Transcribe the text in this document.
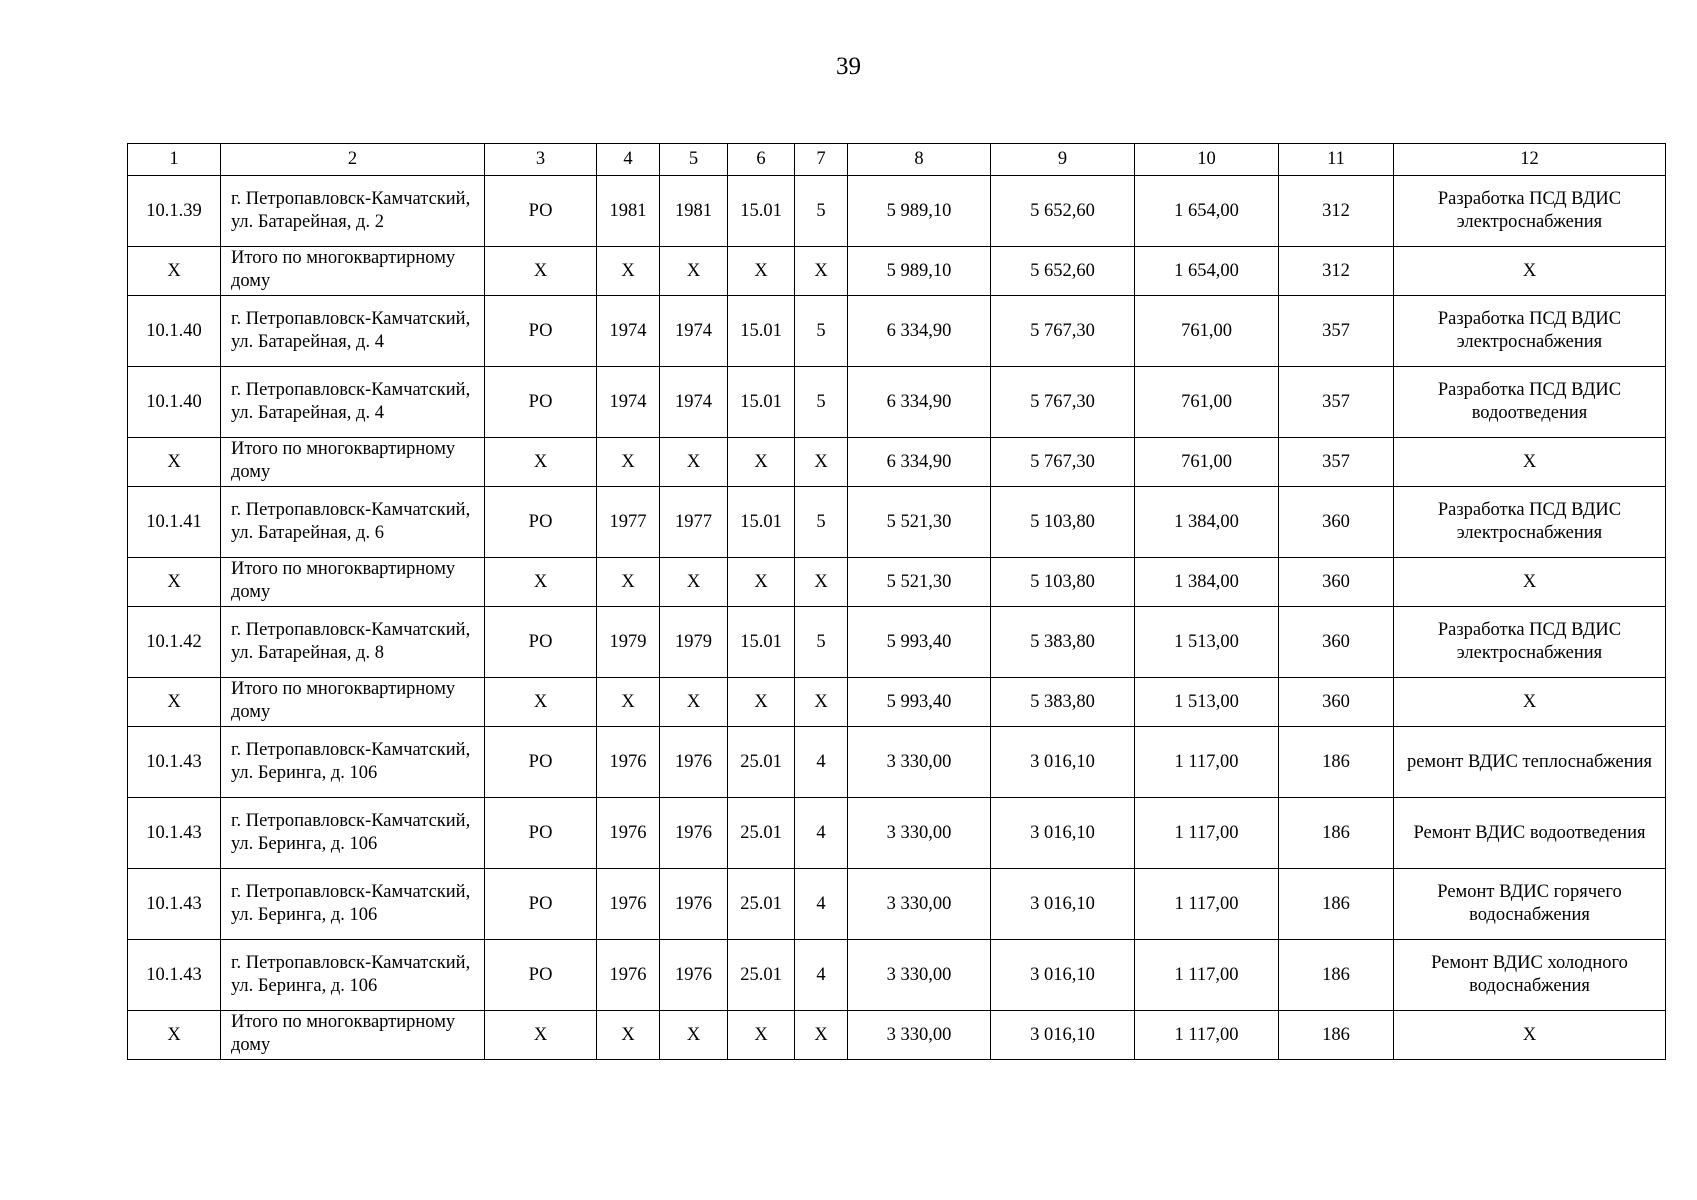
39
1	2	3	4	5	6	7	8	9	10	11	12
10.1.39	г. Петропавловск-Камчатский, ул. Батарейная, д. 2	РО	1981	1981	15.01	5	5 989,10	5 652,60	1 654,00	312	Разработка ПСД ВДИС электроснабжения
X	Итого по многоквартирному дому	X	X	X	X	X	5 989,10	5 652,60	1 654,00	312	X
10.1.40	г. Петропавловск-Камчатский, ул. Батарейная, д. 4	РО	1974	1974	15.01	5	6 334,90	5 767,30	761,00	357	Разработка ПСД ВДИС электроснабжения
10.1.40	г. Петропавловск-Камчатский, ул. Батарейная, д. 4	РО	1974	1974	15.01	5	6 334,90	5 767,30	761,00	357	Разработка ПСД ВДИС водоотведения
X	Итого по многоквартирному дому	X	X	X	X	X	6 334,90	5 767,30	761,00	357	X
10.1.41	г. Петропавловск-Камчатский, ул. Батарейная, д. 6	РО	1977	1977	15.01	5	5 521,30	5 103,80	1 384,00	360	Разработка ПСД ВДИС электроснабжения
X	Итого по многоквартирному дому	X	X	X	X	X	5 521,30	5 103,80	1 384,00	360	X
10.1.42	г. Петропавловск-Камчатский, ул. Батарейная, д. 8	РО	1979	1979	15.01	5	5 993,40	5 383,80	1 513,00	360	Разработка ПСД ВДИС электроснабжения
X	Итого по многоквартирному дому	X	X	X	X	X	5 993,40	5 383,80	1 513,00	360	X
10.1.43	г. Петропавловск-Камчатский, ул. Беринга, д. 106	РО	1976	1976	25.01	4	3 330,00	3 016,10	1 117,00	186	ремонт ВДИС теплоснабжения
10.1.43	г. Петропавловск-Камчатский, ул. Беринга, д. 106	РО	1976	1976	25.01	4	3 330,00	3 016,10	1 117,00	186	Ремонт ВДИС водоотведения
10.1.43	г. Петропавловск-Камчатский, ул. Беринга, д. 106	РО	1976	1976	25.01	4	3 330,00	3 016,10	1 117,00	186	Ремонт ВДИС горячего водоснабжения
10.1.43	г. Петропавловск-Камчатский, ул. Беринга, д. 106	РО	1976	1976	25.01	4	3 330,00	3 016,10	1 117,00	186	Ремонт ВДИС холодного водоснабжения
X	Итого по многоквартирному дому	X	X	X	X	X	3 330,00	3 016,10	1 117,00	186	X
